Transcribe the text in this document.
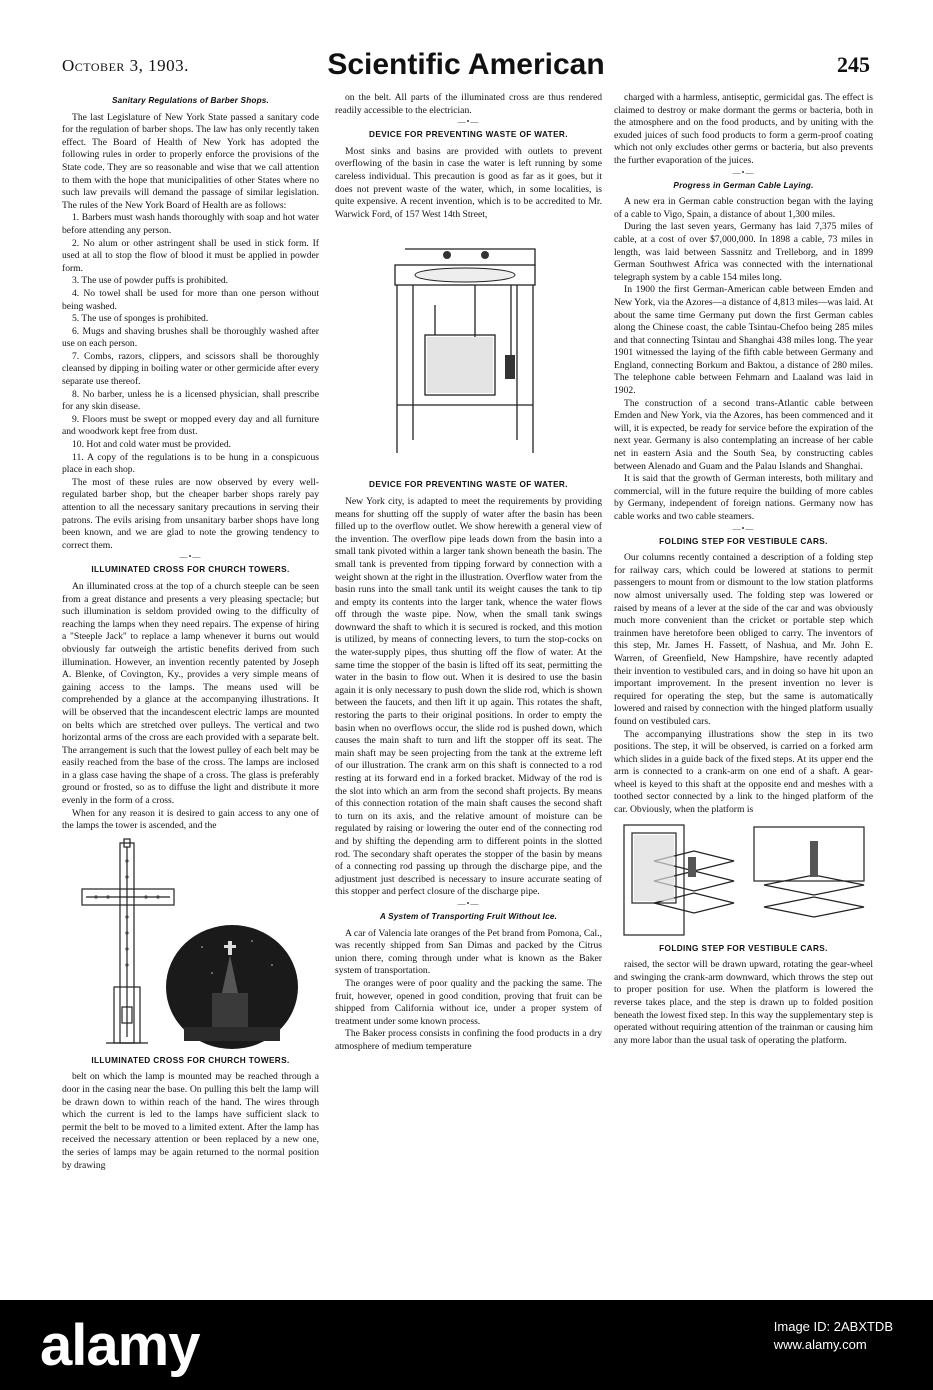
October 3, 1903.	Scientific American	245

Sanitary Regulations of Barber Shops.

The last Legislature of New York State passed a sanitary code for the regulation of barber shops. The law has only recently taken effect. The Board of Health of New York has adopted the following rules in order to properly enforce the provisions of the State code. They are so reasonable and wise that we call attention to them with the hope that municipalities of other States where no such law prevails will demand the passage of similar legislation. The rules of the New York Board of Health are as follows:

1. Barbers must wash hands thoroughly with soap and hot water before attending any person.

2. No alum or other astringent shall be used in stick form. If used at all to stop the flow of blood it must be applied in powder form.

3. The use of powder puffs is prohibited.

4. No towel shall be used for more than one person without being washed.

5. The use of sponges is prohibited.

6. Mugs and shaving brushes shall be thoroughly washed after use on each person.

7. Combs, razors, clippers, and scissors shall be thoroughly cleansed by dipping in boiling water or other germicide after every separate use thereof.

8. No barber, unless he is a licensed physician, shall prescribe for any skin disease.

9. Floors must be swept or mopped every day and all furniture and woodwork kept free from dust.

10. Hot and cold water must be provided.

11. A copy of the regulations is to be hung in a conspicuous place in each shop.

The most of these rules are now observed by every well-regulated barber shop, but the cheaper barber shops rarely pay attention to all the necessary sanitary precautions in serving their patrons. The evils arising from unsanitary barber shops have long been known, and we are glad to note the growing tendency to correct them.

—•—

ILLUMINATED CROSS FOR CHURCH TOWERS.

An illuminated cross at the top of a church steeple can be seen from a great distance and presents a very pleasing spectacle; but such illumination is seldom provided owing to the difficulty of reaching the lamps when they need repairs. The expense of hiring a "Steeple Jack" to replace a lamp whenever it burns out would obviously far outweigh the artistic benefits derived from such illumination. However, an invention recently patented by Joseph A. Blenke, of Covington, Ky., provides a very simple means of gaining access to the lamps. The means used will be comprehended by a glance at the accompanying illustrations. It will be observed that the incandescent electric lamps are mounted on belts which are stretched over pulleys. The vertical and two horizontal arms of the cross are each provided with a separate belt. The arrangement is such that the lowest pulley of each belt may be easily reached from the base of the cross. The lamps are inclosed in a glass case having the shape of a cross. The glass is preferably ground or frosted, so as to diffuse the light and distribute it more evenly in the form of a cross.

When for any reason it is desired to gain access to any one of the lamps the tower is ascended, and the

ILLUMINATED CROSS FOR CHURCH TOWERS.

belt on which the lamp is mounted may be reached through a door in the casing near the base. On pulling this belt the lamp will be drawn down to within reach of the hand. The wires through which the current is led to the lamps have sufficient slack to permit the belt to be moved to a limited extent. After the lamp has received the necessary attention or been replaced by a new one, the series of lamps may be again returned to the normal position by drawing

on the belt. All parts of the illuminated cross are thus rendered readily accessible to the electrician.

—•—

DEVICE FOR PREVENTING WASTE OF WATER.

Most sinks and basins are provided with outlets to prevent overflowing of the basin in case the water is left running by some careless individual. This precaution is good as far as it goes, but it does not prevent waste of the water, which, in some localities, is quite expensive. A recent invention, which is to be accredited to Mr. Warwick Ford, of 157 West 14th Street,

DEVICE FOR PREVENTING WASTE OF WATER.

New York city, is adapted to meet the requirements by providing means for shutting off the supply of water after the basin has been filled up to the overflow outlet. We show herewith a general view of the invention. The overflow pipe leads down from the basin into a small tank pivoted within a larger tank shown beneath the basin. The small tank is prevented from tipping forward by connection with a weight shown at the right in the illustration. Overflow water from the basin runs into the small tank until its weight causes the tank to tip and empty its contents into the larger tank, whence the water flows off through the waste pipe. Now, when the small tank swings downward the shaft to which it is secured is rocked, and this motion is utilized, by means of connecting levers, to turn the stop-cocks on the water-supply pipes, thus shutting off the flow of water. At the same time the stopper of the basin is lifted off its seat, permitting the water in the basin to flow out. When it is desired to use the basin again it is only necessary to push down the slide rod, which is shown between the faucets, and then lift it up again. This rotates the shaft, restoring the parts to their original positions. In order to empty the basin when no overflows occur, the slide rod is pushed down, which causes the main shaft to turn and lift the stopper off its seat. The main shaft may be seen projecting from the tank at the extreme left of our illustration. The crank arm on this shaft is connected to a rod resting at its forward end in a forked bracket. Midway of the rod is the slot into which an arm from the second shaft projects. By means of this connection rotation of the main shaft causes the second shaft to turn on its axis, and the relative amount of moisture can be regulated by raising or lowering the outer end of the connecting rod and by shifting the depending arm to different points in the slotted rod. The secondary shaft operates the stopper of the basin by means of a connecting rod passing up through the discharge pipe, and the adjustment just described is necessary to insure accurate seating of this stopper and perfect closure of the discharge pipe.

—•—

A System of Transporting Fruit Without Ice.

A car of Valencia late oranges of the Pet brand from Pomona, Cal., was recently shipped from San Dimas and packed by the Citrus union there, coming through under what is known as the Baker system of transportation.

The oranges were of poor quality and the packing the same. The fruit, however, opened in good condition, proving that fruit can be shipped from California without ice, under a proper system of treatment under some known process.

The Baker process consists in confining the food products in a dry atmosphere of medium temperature

charged with a harmless, antiseptic, germicidal gas. The effect is claimed to destroy or make dormant the germs or bacteria, both in the atmosphere and on the food products, and by uniting with the exuded juices of such food products to form a germ-proof coating which not only excludes other germs or bacteria, but also prevents the further evaporation of the juices.

—•—

Progress in German Cable Laying.

A new era in German cable construction began with the laying of a cable to Vigo, Spain, a distance of about 1,300 miles.

During the last seven years, Germany has laid 7,375 miles of cable, at a cost of over $7,000,000. In 1898 a cable, 73 miles in length, was laid between Sassnitz and Trelleborg, and in 1899 German Southwest Africa was connected with the international telegraph system by a cable 154 miles long.

In 1900 the first German-American cable between Emden and New York, via the Azores—a distance of 4,813 miles—was laid. At about the same time Germany put down the first German cables along the Chinese coast, the cable Tsintau-Chefoo being 285 miles and that connecting Tsintau and Shanghai 438 miles long. The year 1901 witnessed the laying of the fifth cable between Germany and England, connecting Borkum and Baktou, a distance of 280 miles. The telephone cable between Fehmarn and Laaland was laid in 1902.

The construction of a second trans-Atlantic cable between Emden and New York, via the Azores, has been commenced and it will, it is expected, be ready for service before the expiration of the next year. Germany is also contemplating an increase of her cable net in eastern Asia and the South Sea, by constructing cables between Alenado and Guam and the Palau Islands and Shanghai.

It is said that the growth of German interests, both military and commercial, will in the future require the building of more cables by Germany, independent of foreign nations. Germany now has cable works and two cable steamers.

—•—

FOLDING STEP FOR VESTIBULE CARS.

Our columns recently contained a description of a folding step for railway cars, which could be lowered at stations to permit passengers to mount from or dismount to the low station platforms now almost universally used. The folding step was lowered or raised by means of a lever at the side of the car and was obviously much more convenient than the cricket or portable step which trainmen have heretofore been obliged to carry. The inventors of this step, Mr. James H. Fassett, of Nashua, and Mr. John E. Warren, of Greenfield, New Hampshire, have recently adapted their invention to vestibuled cars, and in doing so have hit upon an important improvement. In the present invention no lever is required for operating the step, but the same is automatically lowered and raised by connection with the hinged platform usually found on vestibuled cars.

The accompanying illustrations show the step in its two positions. The step, it will be observed, is carried on a forked arm which slides in a guide back of the fixed steps. At its upper end the arm is connected to a crank-arm on one end of a shaft. A gear-wheel is keyed to this shaft at the opposite end and meshes with a toothed sector connected by a link to the hinged platform of the car. Obviously, when the platform is

FOLDING STEP FOR VESTIBULE CARS.

raised, the sector will be drawn upward, rotating the gear-wheel and swinging the crank-arm downward, which throws the step out to proper position for use. When the platform is lowered the reverse takes place, and the step is drawn up to folded position beneath the lowest fixed step. In this way the supplementary step is operated without requiring attention of the trainman or causing him any more labor than the usual task of operating the platform.

alamy	Image ID: 2ABXTDB
www.alamy.com
